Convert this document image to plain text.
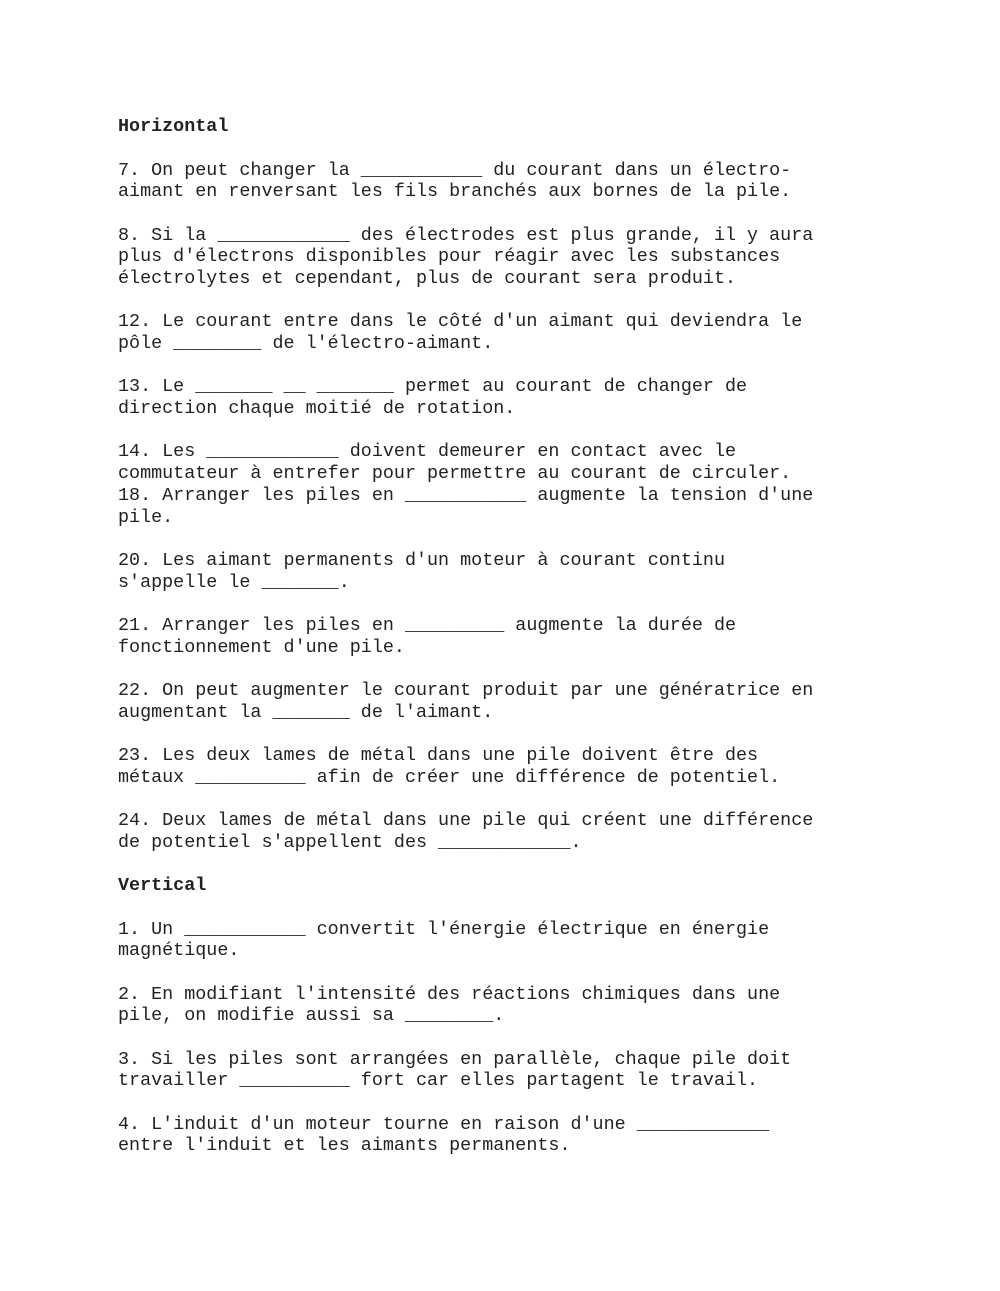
Horizontal
7. On peut changer la ___________ du courant dans un électro-
aimant en renversant les fils branchés aux bornes de la pile.
8. Si la ____________ des électrodes est plus grande, il y aura
plus d'électrons disponibles pour réagir avec les substances
électrolytes et cependant, plus de courant sera produit.
12. Le courant entre dans le côté d'un aimant qui deviendra le
pôle ________ de l'électro-aimant.
13. Le _______ __ _______ permet au courant de changer de
direction chaque moitié de rotation.
14. Les ____________ doivent demeurer en contact avec le
commutateur à entrefer pour permettre au courant de circuler.
18. Arranger les piles en ___________ augmente la tension d'une
pile.
20. Les aimant permanents d'un moteur à courant continu
s'appelle le _______.
21. Arranger les piles en _________ augmente la durée de
fonctionnement d'une pile.
22. On peut augmenter le courant produit par une génératrice en
augmentant la _______ de l'aimant.
23. Les deux lames de métal dans une pile doivent être des
métaux __________ afin de créer une différence de potentiel.
24. Deux lames de métal dans une pile qui créent une différence
de potentiel s'appellent des ____________.
Vertical
1. Un ___________ convertit l'énergie électrique en énergie
magnétique.
2. En modifiant l'intensité des réactions chimiques dans une
pile, on modifie aussi sa ________.
3. Si les piles sont arrangées en parallèle, chaque pile doit
travailler __________ fort car elles partagent le travail.
4. L'induit d'un moteur tourne en raison d'une ____________
entre l'induit et les aimants permanents.
